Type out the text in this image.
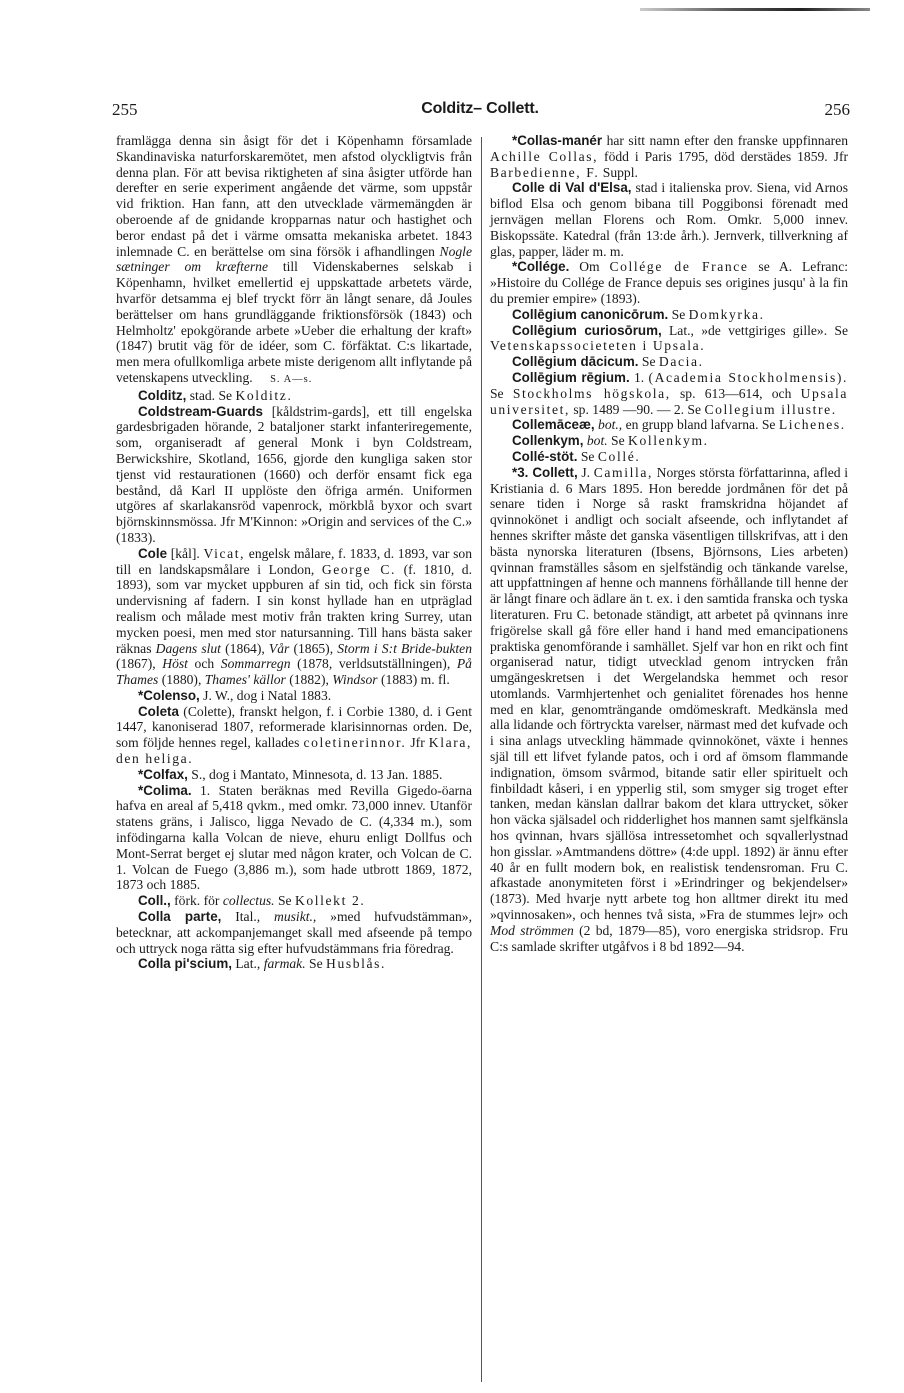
255	Colditz– Collett.	256

framlägga denna sin åsigt för det i Köpenhamn församlade Skandinaviska naturforskaremötet, men afstod olyckligtvis från denna plan. För att bevisa riktigheten af sina åsigter utförde han derefter en serie experiment angående det värme, som uppstår vid friktion. Han fann, att den utvecklade värmemängden är oberoende af de gnidande kropparnas natur och hastighet och beror endast på det i värme omsatta mekaniska arbetet. 1843 inlemnade C. en berättelse om sina försök i afhandlingen Nogle sætninger om kræfterne till Videnskabernes selskab i Köpenhamn, hvilket emellertid ej uppskattade arbetets värde, hvarför detsamma ej blef tryckt förr än långt senare, då Joules berättelser om hans grundläggande friktionsförsök (1843) och Helmholtz' epokgörande arbete »Ueber die erhaltung der kraft» (1847) brutit väg för de idéer, som C. förfäktat. C:s likartade, men mera ofullkomliga arbete miste derigenom allt inflytande på vetenskapens utveckling. S. A—s.

Colditz, stad. Se Kolditz.

Coldstream-Guards [kåldstrim-gards], ett till engelska gardesbrigaden hörande, 2 bataljoner starkt infanteriregemente, som, organiseradt af general Monk i byn Coldstream, Berwickshire, Skotland, 1656, gjorde den kungliga saken stor tjenst vid restaurationen (1660) och derför ensamt fick ega bestånd, då Karl II upplöste den öfriga armén. Uniformen utgöres af skarlakansröd vapenrock, mörkblå byxor och svart björnskinnsmössa. Jfr M'Kinnon: »Origin and services of the C.» (1833).

Cole [kål]. Vicat, engelsk målare, f. 1833, d. 1893, var son till en landskapsmålare i London, George C. (f. 1810, d. 1893), som var mycket uppburen af sin tid, och fick sin första undervisning af fadern. I sin konst hyllade han en utpräglad realism och målade mest motiv från trakten kring Surrey, utan mycken poesi, men med stor natursanning. Till hans bästa saker räknas Dagens slut (1864), Vår (1865), Storm i S:t Bride-bukten (1867), Höst och Sommarregn (1878, verldsutställningen), På Thames (1880), Thames' källor (1882), Windsor (1883) m. fl.

*Colenso, J. W., dog i Natal 1883.

Coleta (Colette), franskt helgon, f. i Corbie 1380, d. i Gent 1447, kanoniserad 1807, reformerade klarisinnornas orden. De, som följde hennes regel, kallades coletinerinnor. Jfr Klara, den heliga.

*Colfax, S., dog i Mantato, Minnesota, d. 13 Jan. 1885.

*Colima. 1. Staten beräknas med Revilla Gigedo-öarna hafva en areal af 5,418 qvkm., med omkr. 73,000 innev. Utanför statens gräns, i Jalisco, ligga Nevado de C. (4,334 m.), som infödingarna kalla Volcan de nieve, ehuru enligt Dollfus och Mont-Serrat berget ej slutar med någon krater, och Volcan de C. 1. Volcan de Fuego (3,886 m.), som hade utbrott 1869, 1872, 1873 och 1885.

Coll., förk. för collectus. Se Kollekt 2.

Colla parte, Ital., musikt., »med hufvudstämman», betecknar, att ackompanjemanget skall med afseende på tempo och uttryck noga rätta sig efter hufvudstämmans fria föredrag.

Colla pi'scium, Lat., farmak. Se Husblås.

*Collas-manér har sitt namn efter den franske uppfinnaren Achille Collas, född i Paris 1795, död derstädes 1859. Jfr Barbedienne, F. Suppl.

Colle di Val d'Elsa, stad i italienska prov. Siena, vid Arnos biflod Elsa och genom bibana till Poggibonsi förenadt med jernvägen mellan Florens och Rom. Omkr. 5,000 innev. Biskopssäte. Katedral (från 13:de årh.). Jernverk, tillverkning af glas, papper, läder m. m.

*Collége. Om Collége de France se A. Lefranc: »Histoire du Collége de France depuis ses origines jusqu' à la fin du premier empire» (1893).

Collēgium canonicōrum. Se Domkyrka.

Collēgium curiosōrum, Lat., »de vettgiriges gille». Se Vetenskapssocieteten i Upsala.

Collēgium dācicum. Se Dacia.

Collēgium rēgium. 1. (Academia Stockholmensis). Se Stockholms högskola, sp. 613—614, och Upsala universitet, sp. 1489 —90. — 2. Se Collegium illustre.

Collemāceæ, bot., en grupp bland lafvarna. Se Lichenes.

Collenkym, bot. Se Kollenkym.

Collé-stöt. Se Collé.

*3. Collett, J. Camilla, Norges största författarinna, afled i Kristiania d. 6 Mars 1895. Hon beredde jordmånen för det på senare tiden i Norge så raskt framskridna höjandet af qvinnokönet i andligt och socialt afseende, och inflytandet af hennes skrifter måste det ganska väsentligen tillskrifvas, att i den bästa nynorska literaturen (Ibsens, Björnsons, Lies arbeten) qvinnan framställes såsom en sjelfständig och tänkande varelse, att uppfattningen af henne och mannens förhållande till henne der är långt finare och ädlare än t. ex. i den samtida franska och tyska literaturen. Fru C. betonade ständigt, att arbetet på qvinnans inre frigörelse skall gå före eller hand i hand med emancipationens praktiska genomförande i samhället. Sjelf var hon en rikt och fint organiserad natur, tidigt utvecklad genom intrycken från umgängeskretsen i det Wergelandska hemmet och resor utomlands. Varmhjertenhet och genialitet förenades hos henne med en klar, genomträngande omdömeskraft. Medkänsla med alla lidande och förtryckta varelser, närmast med det kufvade och i sina anlags utveckling hämmade qvinnokönet, växte i hennes själ till ett lifvet fylande patos, och i ord af ömsom flammande indignation, ömsom svårmod, bitande satir eller spirituelt och finbildadt kåseri, i en ypperlig stil, som smyger sig troget efter tanken, medan känslan dallrar bakom det klara uttrycket, söker hon väcka själsadel och ridderlighet hos mannen samt sjelfkänsla hos qvinnan, hvars själlösa intressetomhet och sqvallerlystnad hon gisslar. »Amtmandens döttre» (4:de uppl. 1892) är ännu efter 40 år en fullt modern bok, en realistisk tendensroman. Fru C. afkastade anonymiteten först i »Erindringer og bekjendelser» (1873). Med hvarje nytt arbete tog hon alltmer direkt itu med »qvinnosaken», och hennes två sista, »Fra de stummes lejr» och Mod strömmen (2 bd, 1879—85), voro energiska stridsrop. Fru C:s samlade skrifter utgåfvos i 8 bd 1892—94.
